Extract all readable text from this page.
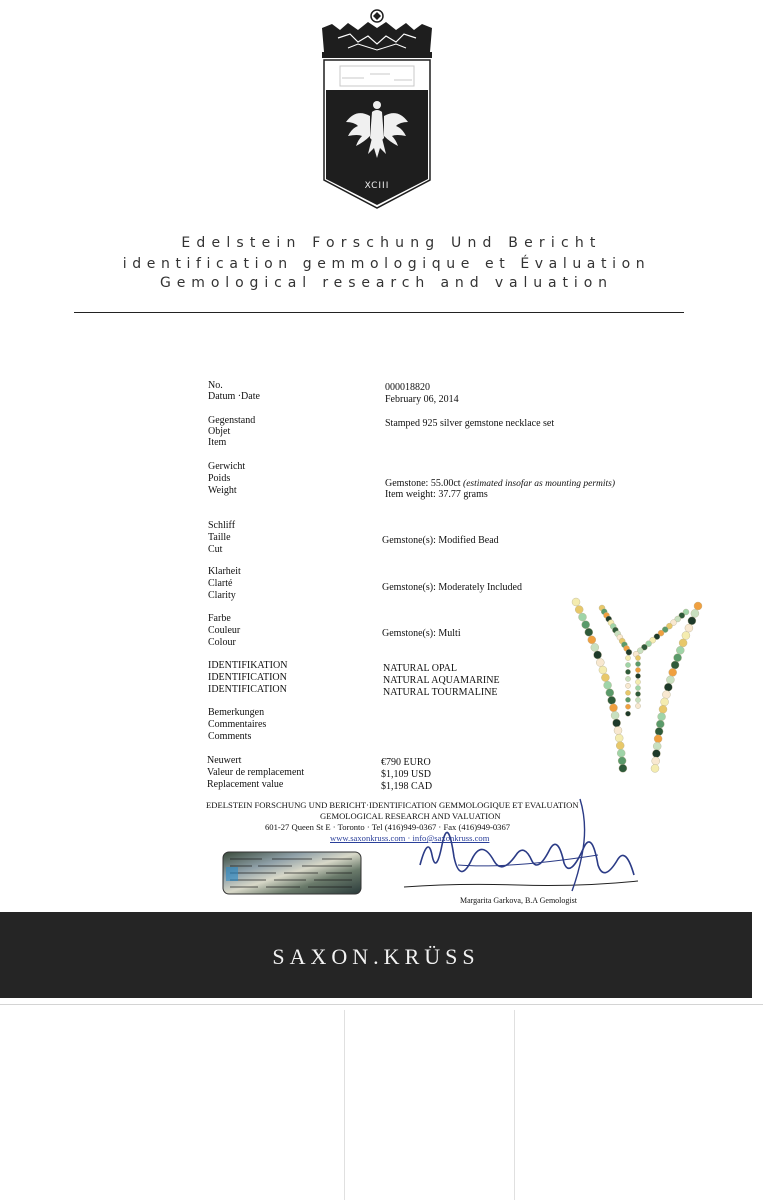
XCIII
Edelstein Forschung Und Bericht
identification gemmologique et Évaluation
Gemological research and valuation
No.
Datum ·Date
000018820
February 06, 2014
Gegenstand
Objet
Item
Stamped 925 silver gemstone necklace set
Gerwicht
Poids
Weight
Gemstone: 55.00ct (estimated insofar as mounting permits)
Item weight: 37.77 grams
Schliff
Taille
Cut
Gemstone(s): Modified Bead
Klarheit
Clarté
Clarity
Gemstone(s): Moderately Included
Farbe
Couleur
Colour
Gemstone(s): Multi
IDENTIFIKATION
IDENTIFICATION
IDENTIFICATION
NATURAL OPAL
NATURAL AQUAMARINE
NATURAL TOURMALINE
Bemerkungen
Commentaires
Comments
Neuwert
Valeur de remplacement
Replacement value
€790 EURO
$1,109 USD
$1,198 CAD
EDELSTEIN FORSCHUNG UND BERICHT·IDENTIFICATION GEMMOLOGIQUE ET EVALUATION
GEMOLOGICAL RESEARCH AND VALUATION
601-27 Queen St E · Toronto · Tel (416)949-0367 · Fax (416)949-0367
www.saxonkruss.com · info@saxonkruss.com
Margarita Garkova, B.A Gemologist
SAXON.KRÜSS
